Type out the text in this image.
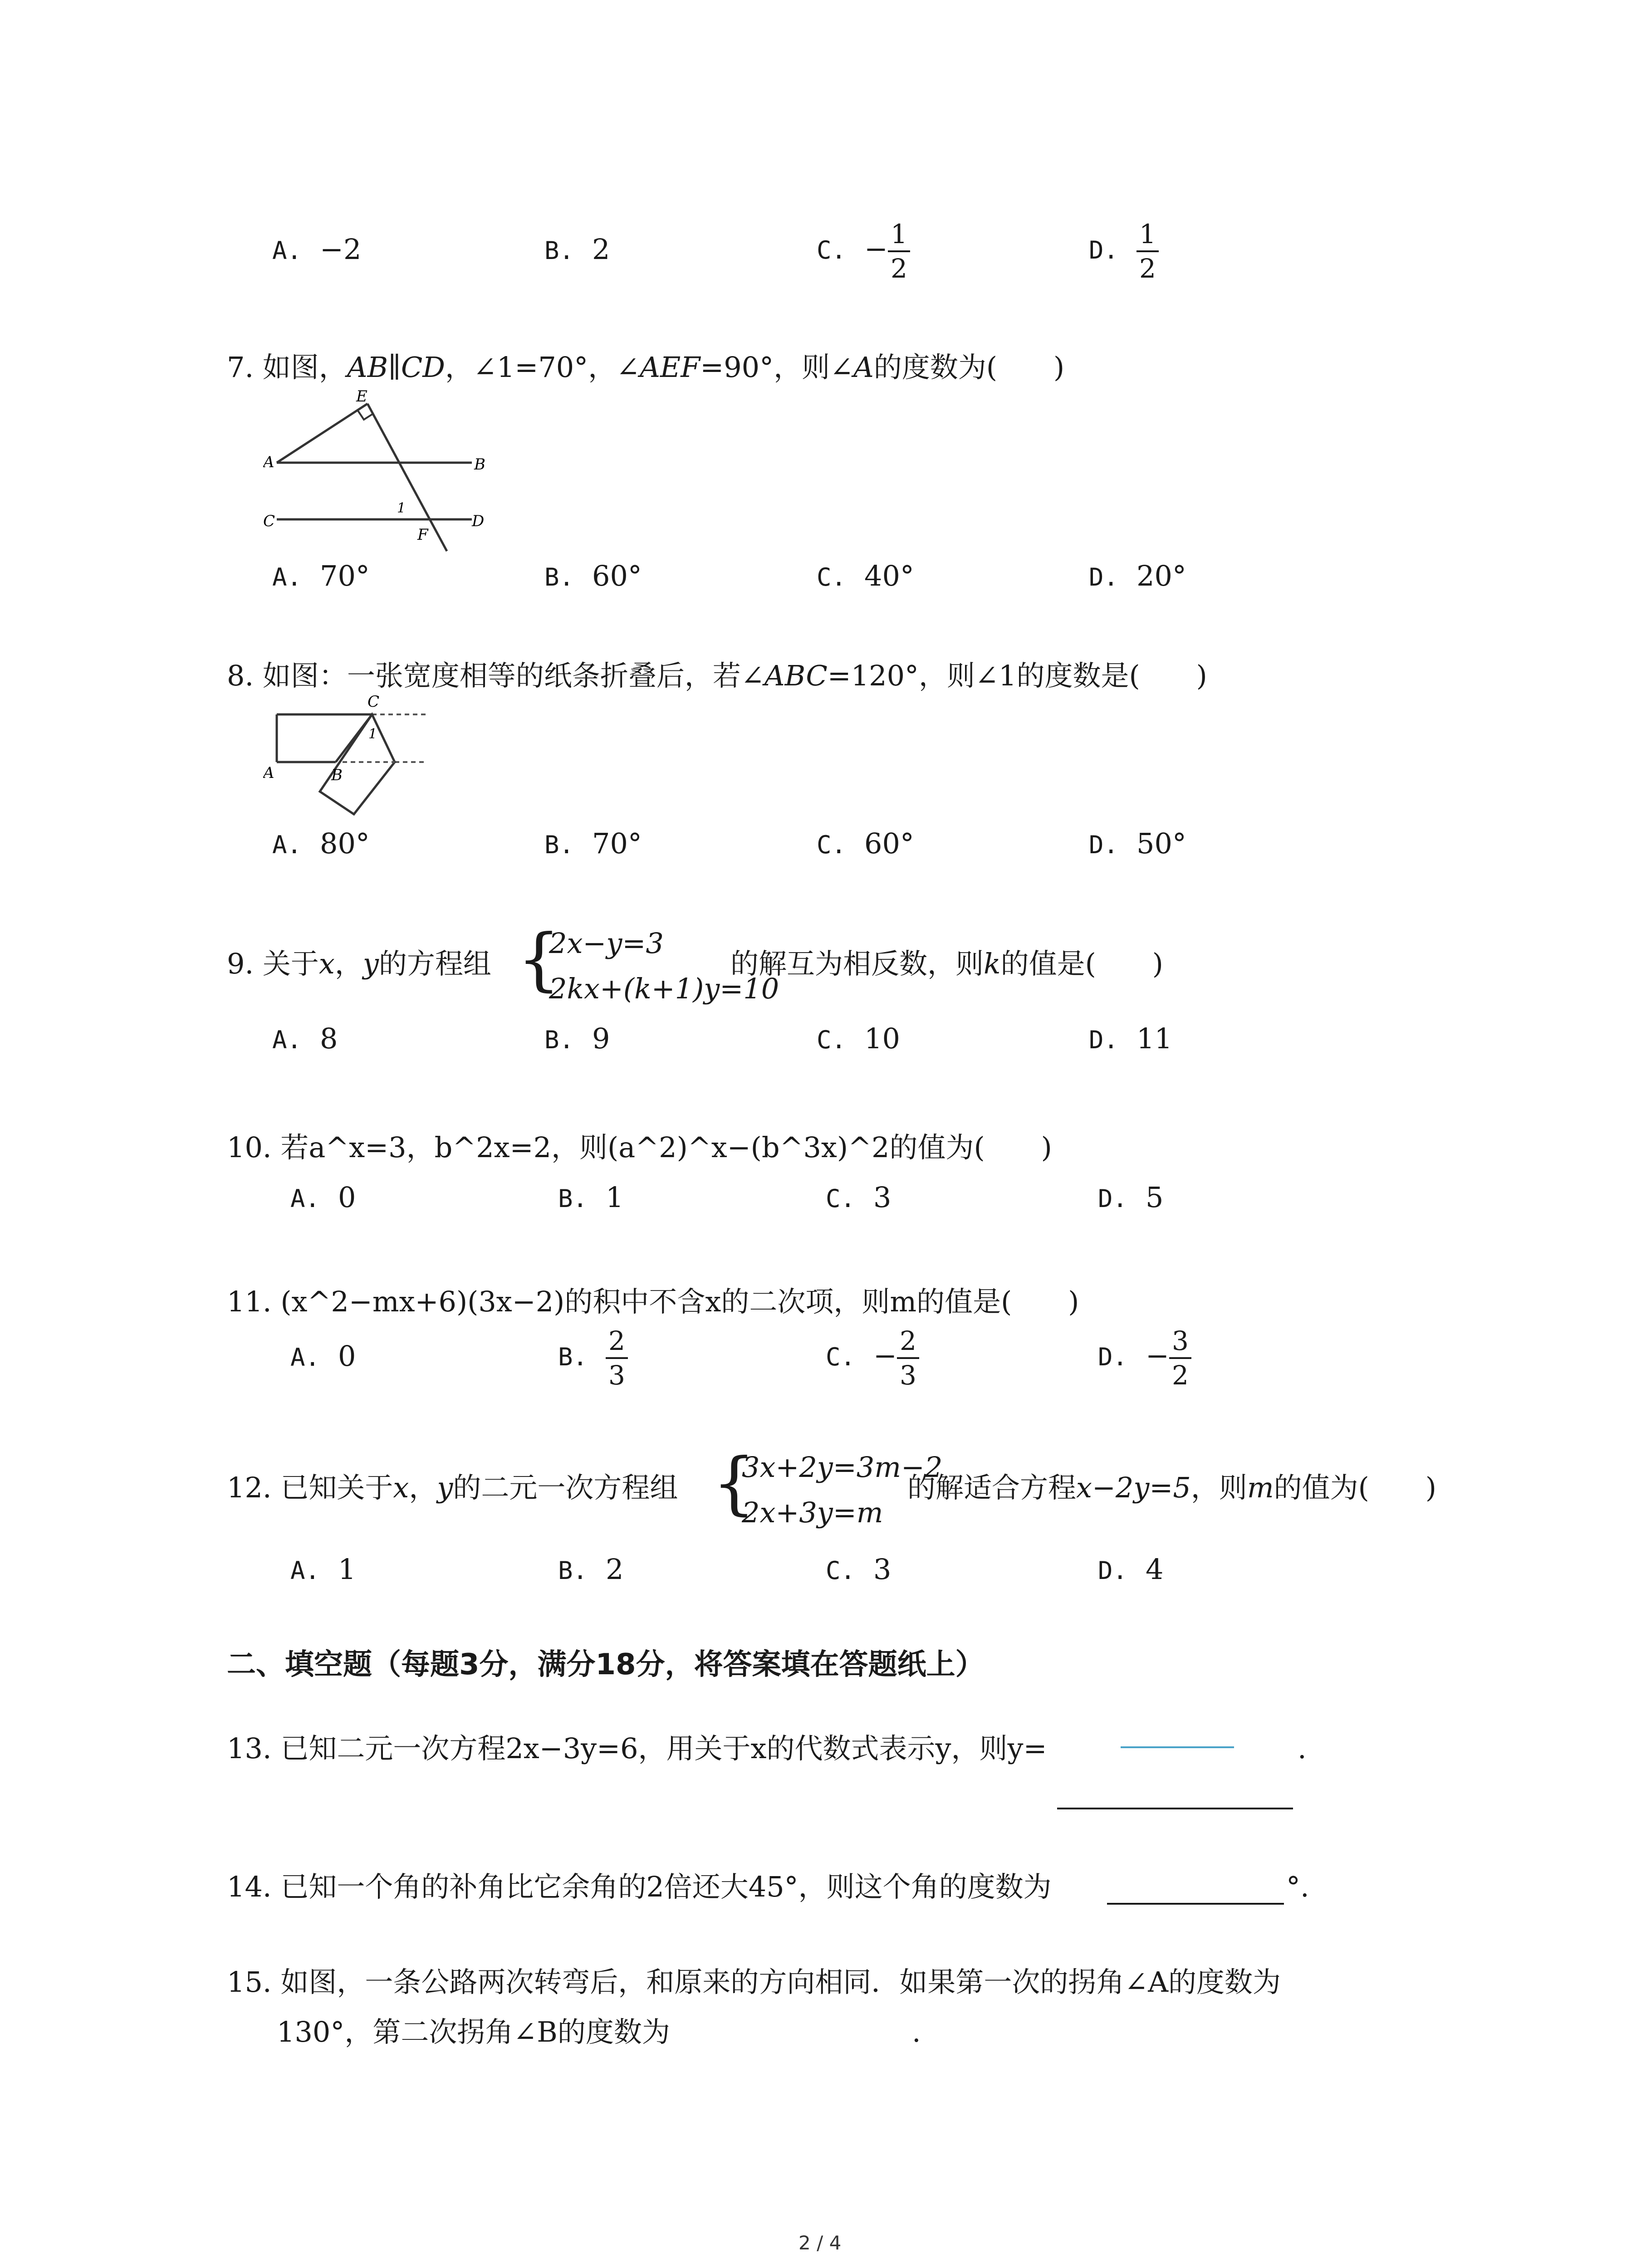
A. −2	B. 2	C. − $\frac{1}{2}$	D. $\frac{1}{2}$
7. 如图，AB∥CD，∠1=70°，∠AEF=90°，则∠A的度数为(　　)
E
A	B
C	D
F
1
A. 70°	B. 60°	C. 40°	D. 20°
8. 如图：一张宽度相等的纸条折叠后，若∠ABC=120°，则∠1的度数是(　　)
C
A	B
1
A. 80°	B. 70°	C. 60°	D. 50°
9. 关于x，y的方程组 {
2x−y=3
2kx+(k+1)y=10
的解互为相反数，则k的值是(　　)
A. 8	B. 9	C. 10	D. 11
10. 若a^x=3，b^2x=2，则(a^2)^x−(b^3x)^2的值为(　　)
A. 0	B. 1	C. 3	D. 5
11. (x^2−mx+6)(3x−2)的积中不含x的二次项，则m的值是(　　)
A. 0	B. $\frac{2}{3}$	C. − $\frac{2}{3}$	D. − $\frac{3}{2}$
12. 已知关于x，y的二元一次方程组 {
3x+2y=3m−2
2x+3y=m
的解适合方程x−2y=5，则m的值为(　　)
A. 1	B. 2	C. 3	D. 4
二、填空题（每题3分，满分18分，将答案填在答题纸上）
13. 已知二元一次方程2x−3y=6，用关于x的代数式表示y，则y=	.
14. 已知一个角的补角比它余角的2倍还大45°，则这个角的度数为	°.
15. 如图，一条公路两次转弯后，和原来的方向相同．如果第一次的拐角∠A的度数为
130°，第二次拐角∠B的度数为	.
2 / 4
